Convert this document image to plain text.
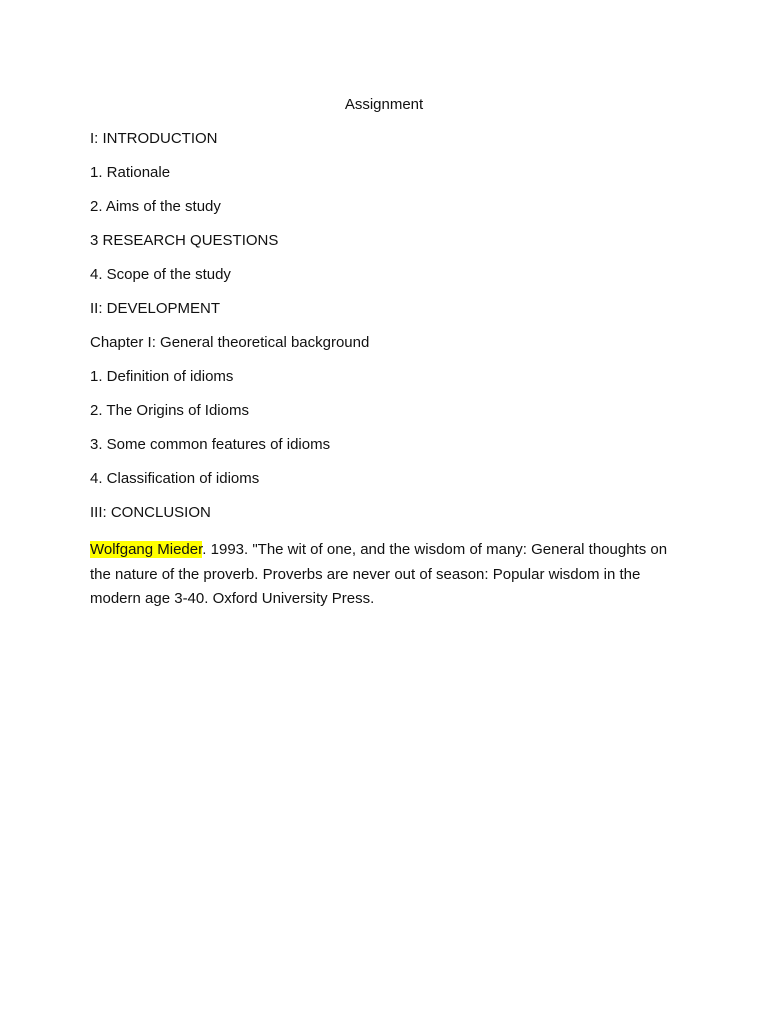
Assignment
I: INTRODUCTION
1. Rationale
2. Aims of the study
3 RESEARCH QUESTIONS
4. Scope of the study
II: DEVELOPMENT
Chapter I: General theoretical background
1. Definition of idioms
2. The Origins of Idioms
3. Some common features of idioms
4. Classification of idioms
III: CONCLUSION

Wolfgang Mieder. 1993. "The wit of one, and the wisdom of many: General thoughts on the nature of the proverb. Proverbs are never out of season: Popular wisdom in the modern age 3-40. Oxford University Press.
